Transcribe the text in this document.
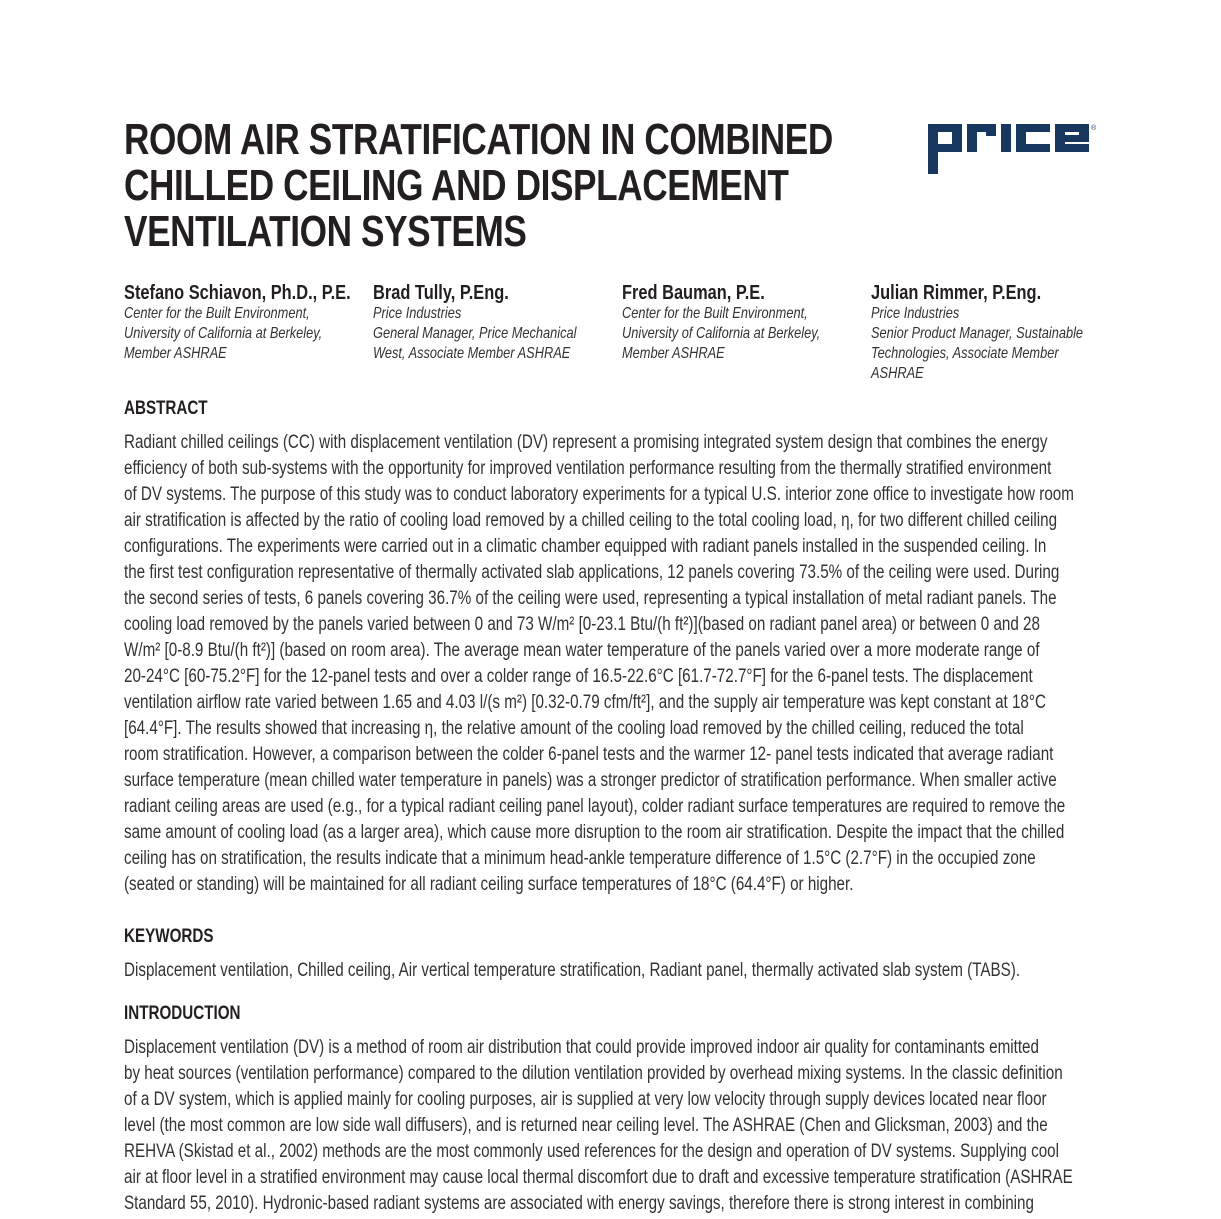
ROOM AIR STRATIFICATION IN COMBINED
CHILLED CEILING AND DISPLACEMENT
VENTILATION SYSTEMS
®
Stefano Schiavon, Ph.D., P.E.
Center for the Built Environment,
University of California at Berkeley,
Member ASHRAE
Brad Tully, P.Eng.
Price Industries
General Manager, Price Mechanical
West, Associate Member ASHRAE
Fred Bauman, P.E.
Center for the Built Environment,
University of California at Berkeley,
Member ASHRAE
Julian Rimmer, P.Eng.
Price Industries
Senior Product Manager, Sustainable
Technologies, Associate Member
ASHRAE
ABSTRACT
Radiant chilled ceilings (CC) with displacement ventilation (DV) represent a promising integrated system design that combines the energy
efficiency of both sub-systems with the opportunity for improved ventilation performance resulting from the thermally stratified environment
of DV systems. The purpose of this study was to conduct laboratory experiments for a typical U.S. interior zone office to investigate how room
air stratification is affected by the ratio of cooling load removed by a chilled ceiling to the total cooling load, η, for two different chilled ceiling
configurations. The experiments were carried out in a climatic chamber equipped with radiant panels installed in the suspended ceiling. In
the first test configuration representative of thermally activated slab applications, 12 panels covering 73.5% of the ceiling were used. During
the second series of tests, 6 panels covering 36.7% of the ceiling were used, representing a typical installation of metal radiant panels. The
cooling load removed by the panels varied between 0 and 73 W/m² [0-23.1 Btu/(h ft²)](based on radiant panel area) or between 0 and 28
W/m² [0-8.9 Btu/(h ft²)] (based on room area). The average mean water temperature of the panels varied over a more moderate range of
20-24°C [60-75.2°F] for the 12-panel tests and over a colder range of 16.5-22.6°C [61.7-72.7°F] for the 6-panel tests. The displacement
ventilation airflow rate varied between 1.65 and 4.03 l/(s m²) [0.32-0.79 cfm/ft²], and the supply air temperature was kept constant at 18°C
[64.4°F]. The results showed that increasing η, the relative amount of the cooling load removed by the chilled ceiling, reduced the total
room stratification. However, a comparison between the colder 6-panel tests and the warmer 12- panel tests indicated that average radiant
surface temperature (mean chilled water temperature in panels) was a stronger predictor of stratification performance. When smaller active
radiant ceiling areas are used (e.g., for a typical radiant ceiling panel layout), colder radiant surface temperatures are required to remove the
same amount of cooling load (as a larger area), which cause more disruption to the room air stratification. Despite the impact that the chilled
ceiling has on stratification, the results indicate that a minimum head-ankle temperature difference of 1.5°C (2.7°F) in the occupied zone
(seated or standing) will be maintained for all radiant ceiling surface temperatures of 18°C (64.4°F) or higher.
KEYWORDS
Displacement ventilation, Chilled ceiling, Air vertical temperature stratification, Radiant panel, thermally activated slab system (TABS).
INTRODUCTION
Displacement ventilation (DV) is a method of room air distribution that could provide improved indoor air quality for contaminants emitted
by heat sources (ventilation performance) compared to the dilution ventilation provided by overhead mixing systems. In the classic definition
of a DV system, which is applied mainly for cooling purposes, air is supplied at very low velocity through supply devices located near floor
level (the most common are low side wall diffusers), and is returned near ceiling level. The ASHRAE (Chen and Glicksman, 2003) and the
REHVA (Skistad et al., 2002) methods are the most commonly used references for the design and operation of DV systems. Supplying cool
air at floor level in a stratified environment may cause local thermal discomfort due to draft and excessive temperature stratification (ASHRAE
Standard 55, 2010). Hydronic-based radiant systems are associated with energy savings, therefore there is strong interest in combining
